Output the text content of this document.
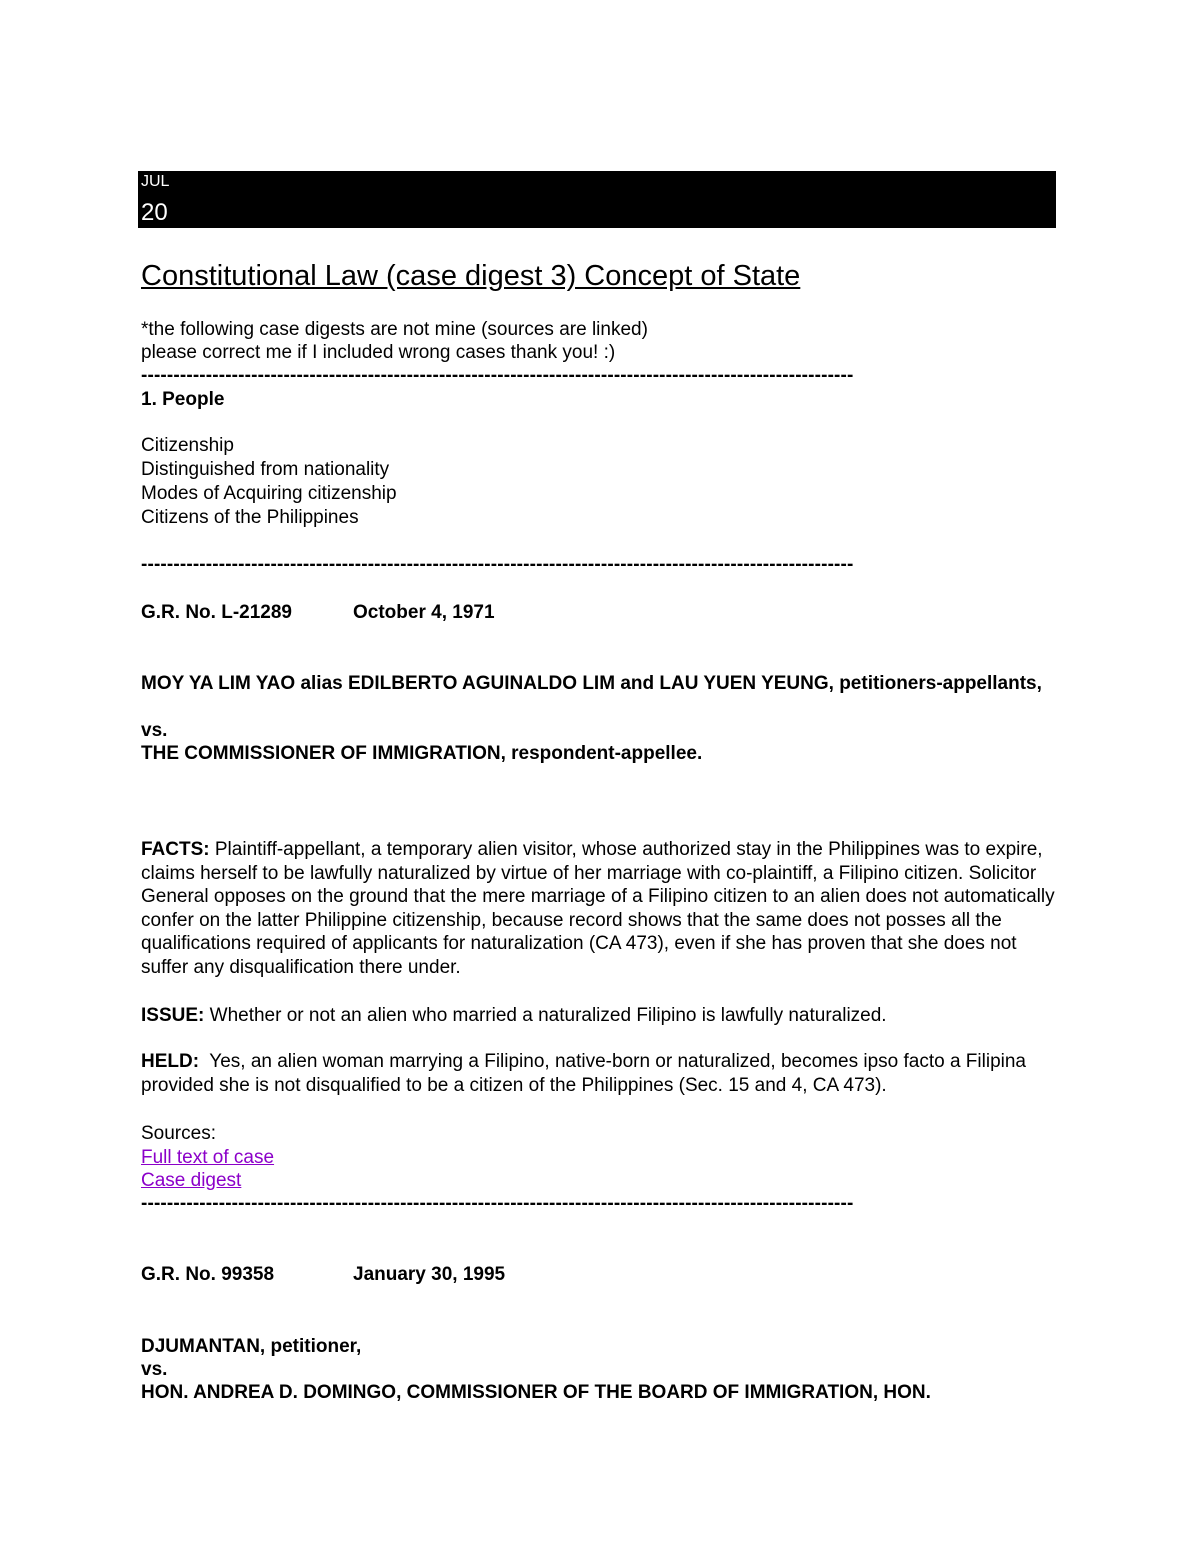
JUL
20
Constitutional Law (case digest 3) Concept of State
*the following case digests are not mine (sources are linked)
please correct me if I included wrong cases thank you! :)
--------------------------------------------------------------------------------------------------------------
1. People
Citizenship
Distinguished from nationality
Modes of Acquiring citizenship
Citizens of the Philippines
--------------------------------------------------------------------------------------------------------------
G.R. No. L-21289	October 4, 1971
MOY YA LIM YAO alias EDILBERTO AGUINALDO LIM and LAU YUEN YEUNG, petitioners-appellants,
vs.
THE COMMISSIONER OF IMMIGRATION, respondent-appellee.
FACTS: Plaintiff-appellant, a temporary alien visitor, whose authorized stay in the Philippines was to expire, claims herself to be lawfully naturalized by virtue of her marriage with co-plaintiff, a Filipino citizen. Solicitor General opposes on the ground that the mere marriage of a Filipino citizen to an alien does not automatically confer on the latter Philippine citizenship, because record shows that the same does not posses all the qualifications required of applicants for naturalization (CA 473), even if she has proven that she does not suffer any disqualification there under.
ISSUE: Whether or not an alien who married a naturalized Filipino is lawfully naturalized.
HELD:  Yes, an alien woman marrying a Filipino, native-born or naturalized, becomes ipso facto a Filipina provided she is not disqualified to be a citizen of the Philippines (Sec. 15 and 4, CA 473).
Sources:
Full text of case
Case digest
--------------------------------------------------------------------------------------------------------------
G.R. No. 99358	January 30, 1995
DJUMANTAN, petitioner,
vs.
HON. ANDREA D. DOMINGO, COMMISSIONER OF THE BOARD OF IMMIGRATION, HON.
